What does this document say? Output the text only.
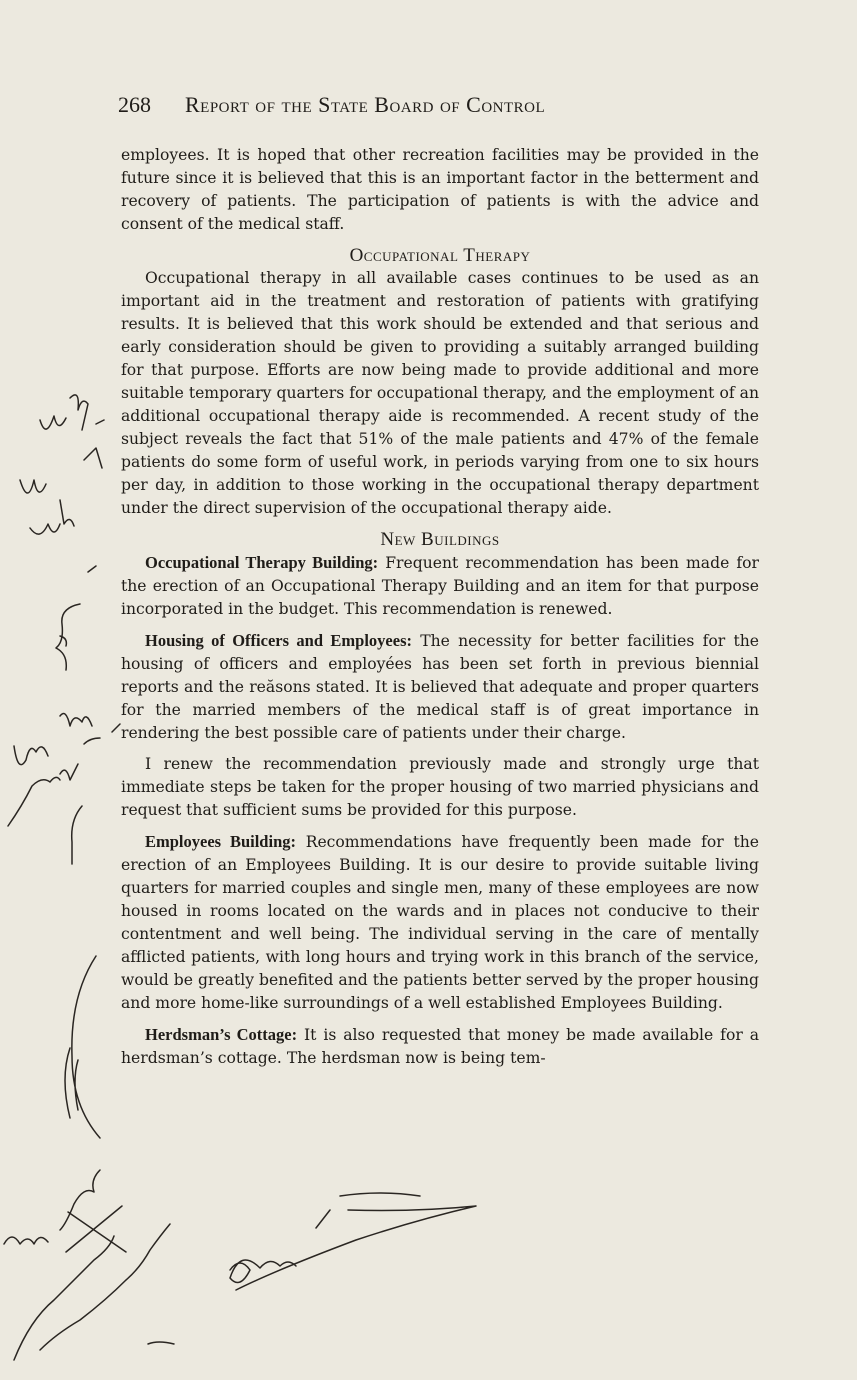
268 Report of the State Board of Control

employees. It is hoped that other recreation facilities may be provided in the future since it is believed that this is an important factor in the betterment and recovery of patients. The participation of patients is with the advice and consent of the medical staff.

Occupational Therapy

Occupational therapy in all available cases continues to be used as an important aid in the treatment and restoration of patients with gratifying results. It is believed that this work should be extended and that serious and early consideration should be given to providing a suitably arranged building for that purpose. Efforts are now being made to provide additional and more suitable temporary quarters for occupational therapy, and the employment of an additional occupational therapy aide is recommended. A recent study of the subject reveals the fact that 51% of the male patients and 47% of the female patients do some form of useful work, in periods varying from one to six hours per day, in addition to those working in the occupational therapy department under the direct supervision of the occupational therapy aide.

New Buildings

Occupational Therapy Building: Frequent recommendation has been made for the erection of an Occupational Therapy Building and an item for that purpose incorporated in the budget. This recommendation is renewed.

Housing of Officers and Employees: The necessity for better facilities for the housing of officers and employées has been set forth in previous biennial reports and the reăsons stated. It is believed that adequate and proper quarters for the married members of the medical staff is of great importance in rendering the best possible care of patients under their charge.

I renew the recommendation previously made and strongly urge that immediate steps be taken for the proper housing of two married physicians and request that sufficient sums be provided for this purpose.

Employees Building: Recommendations have frequently been made for the erection of an Employees Building. It is our desire to provide suitable living quarters for married couples and single men, many of these employees are now housed in rooms located on the wards and in places not conducive to their contentment and well being. The individual serving in the care of mentally afflicted patients, with long hours and trying work in this branch of the service, would be greatly benefited and the patients better served by the proper housing and more home-like surroundings of a well established Employees Building.

Herdsman’s Cottage: It is also requested that money be made available for a herdsman’s cottage. The herdsman now is being tem-
